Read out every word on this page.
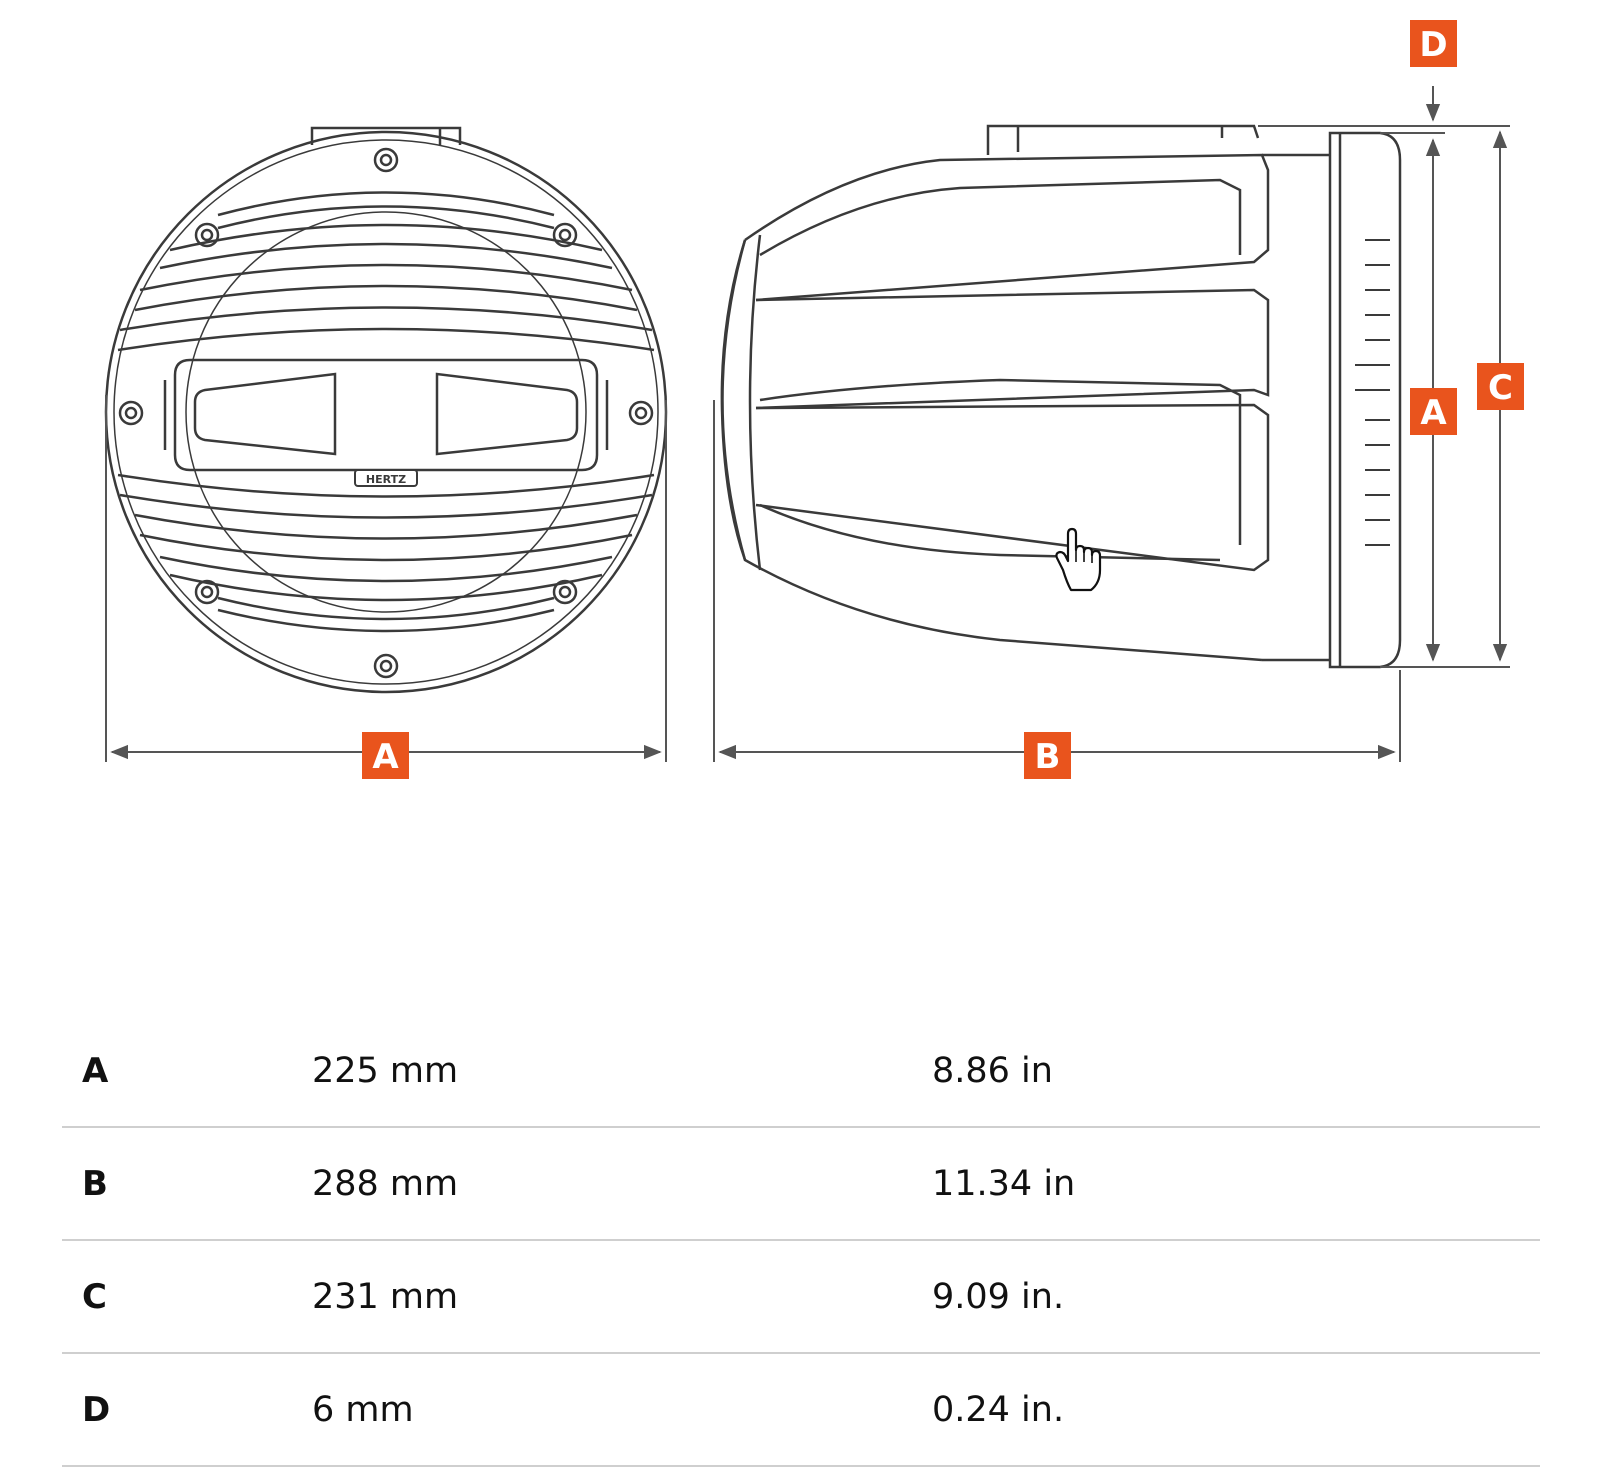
HERTZ
A	B
A
C
D
A	225 mm	8.86 in
B	288 mm	11.34 in
C	231 mm	9.09 in.
D	6 mm	0.24 in.
